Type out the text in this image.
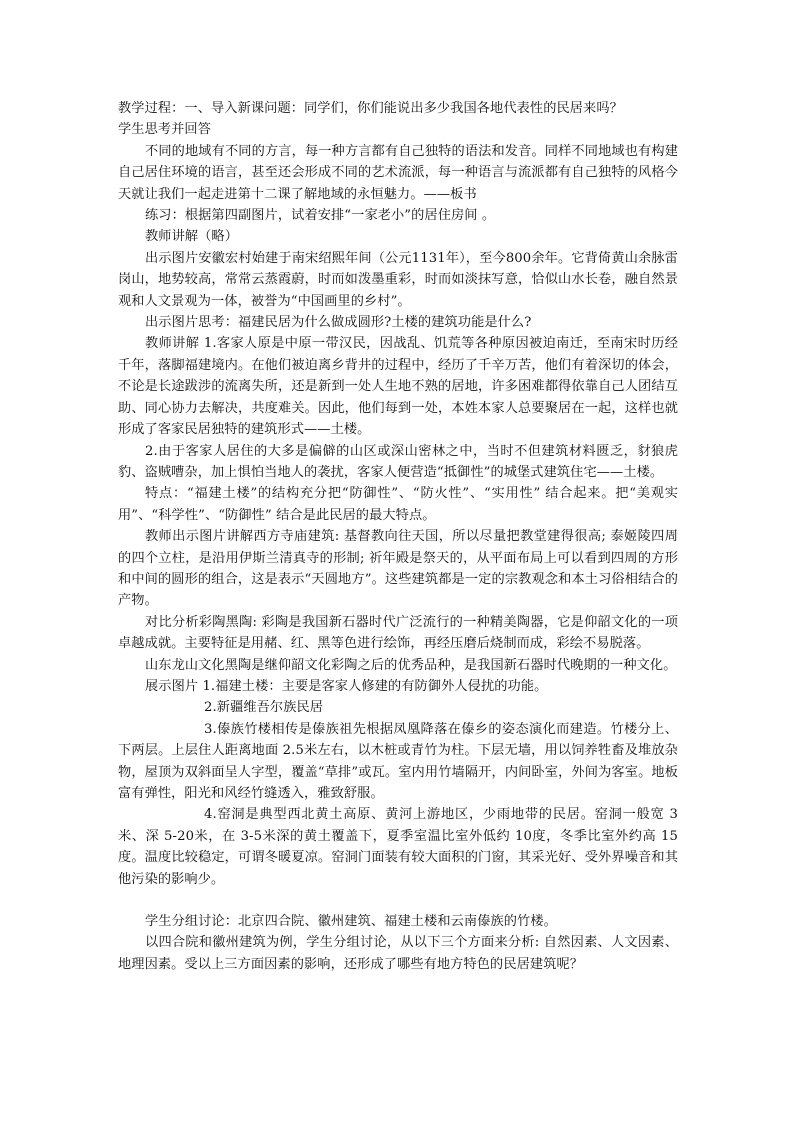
教学过程：一、导入新课问题：同学们，你们能说出多少我国各地代表性的民居来吗？

学生思考并回答

不同的地域有不同的方言，每一种方言都有自己独特的语法和发音。同样不同地域也有构建自己居住环境的语言，甚至还会形成不同的艺术流派，每一种语言与流派都有自己独特的风格今天就让我们一起走进第十二课了解地域的永恒魅力。——板书

练习：根据第四副图片，试着安排“一家老小”的居住房间 。

教师讲解（略）

出示图片安徽宏村始建于南宋绍熙年间（公元1131年），至今800余年。它背倚黄山余脉雷岗山，地势较高，常常云蒸霞蔚，时而如泼墨重彩，时而如淡抹写意，恰似山水长卷，融自然景观和人文景观为一体，被誉为“中国画里的乡村”。

出示图片思考：福建民居为什么做成圆形?土楼的建筑功能是什么?

教师讲解 1.客家人原是中原一带汉民，因战乱、饥荒等各种原因被迫南迁，至南宋时历经千年，落脚福建境内。在他们被迫离乡背井的过程中，经历了千辛万苦，他们有着深切的体会，不论是长途跋涉的流离失所，还是新到一处人生地不熟的居地，许多困难都得依靠自己人团结互助、同心协力去解决，共度难关。因此，他们每到一处，本姓本家人总要聚居在一起，这样也就形成了客家民居独特的建筑形式——土楼。

2.由于客家人居住的大多是偏僻的山区或深山密林之中，当时不但建筑材料匮乏，豺狼虎豹、盗贼嘈杂，加上惧怕当地人的袭扰，客家人便营造“抵御性”的城堡式建筑住宅——土楼。

特点：“福建土楼”的结构充分把“防御性”、“防火性”、“实用性” 结合起来。把“美观实用”、“科学性”、“防御性” 结合是此民居的最大特点。

教师出示图片讲解西方寺庙建筑: 基督教向往天国，所以尽量把教堂建得很高; 泰姬陵四周的四个立柱，是沿用伊斯兰清真寺的形制; 祈年殿是祭天的，从平面布局上可以看到四周的方形和中间的圆形的组合，这是表示“天圆地方”。这些建筑都是一定的宗教观念和本土习俗相结合的产物。

对比分析彩陶黑陶: 彩陶是我国新石器时代广泛流行的一种精美陶器，它是仰韶文化的一项卓越成就。主要特征是用赭、红、黑等色进行绘饰，再经压磨后烧制而成，彩绘不易脱落。

山东龙山文化黑陶是继仰韶文化彩陶之后的优秀品种，是我国新石器时代晚期的一种文化。

展示图片 1.福建土楼：主要是客家人修建的有防御外人侵扰的功能。

2.新疆维吾尔族民居

3.傣族竹楼相传是傣族祖先根据凤凰降落在傣乡的姿态演化而建造。竹楼分上、下两层。上层住人距离地面 2.5米左右，以木桩或青竹为柱。下层无墙，用以饲养牲畜及堆放杂物，屋顶为双斜面呈人字型，覆盖“草排”或瓦。室内用竹墙隔开，内间卧室，外间为客室。地板富有弹性，阳光和风经竹缝透入，雅致舒服。

4.窑洞是典型西北黄土高原、黄河上游地区，少雨地带的民居。窑洞一般宽 3米、深 5-20米，在 3-5米深的黄土覆盖下，夏季室温比室外低约 10度，冬季比室外约高 15度。温度比较稳定，可谓冬暖夏凉。窑洞门面装有较大面积的门窗，其采光好、受外界噪音和其他污染的影响少。

学生分组讨论：北京四合院、徽州建筑、福建土楼和云南傣族的竹楼。

以四合院和徽州建筑为例，学生分组讨论，从以下三个方面来分析: 自然因素、人文因素、地理因素。受以上三方面因素的影响，还形成了哪些有地方特色的民居建筑呢？
